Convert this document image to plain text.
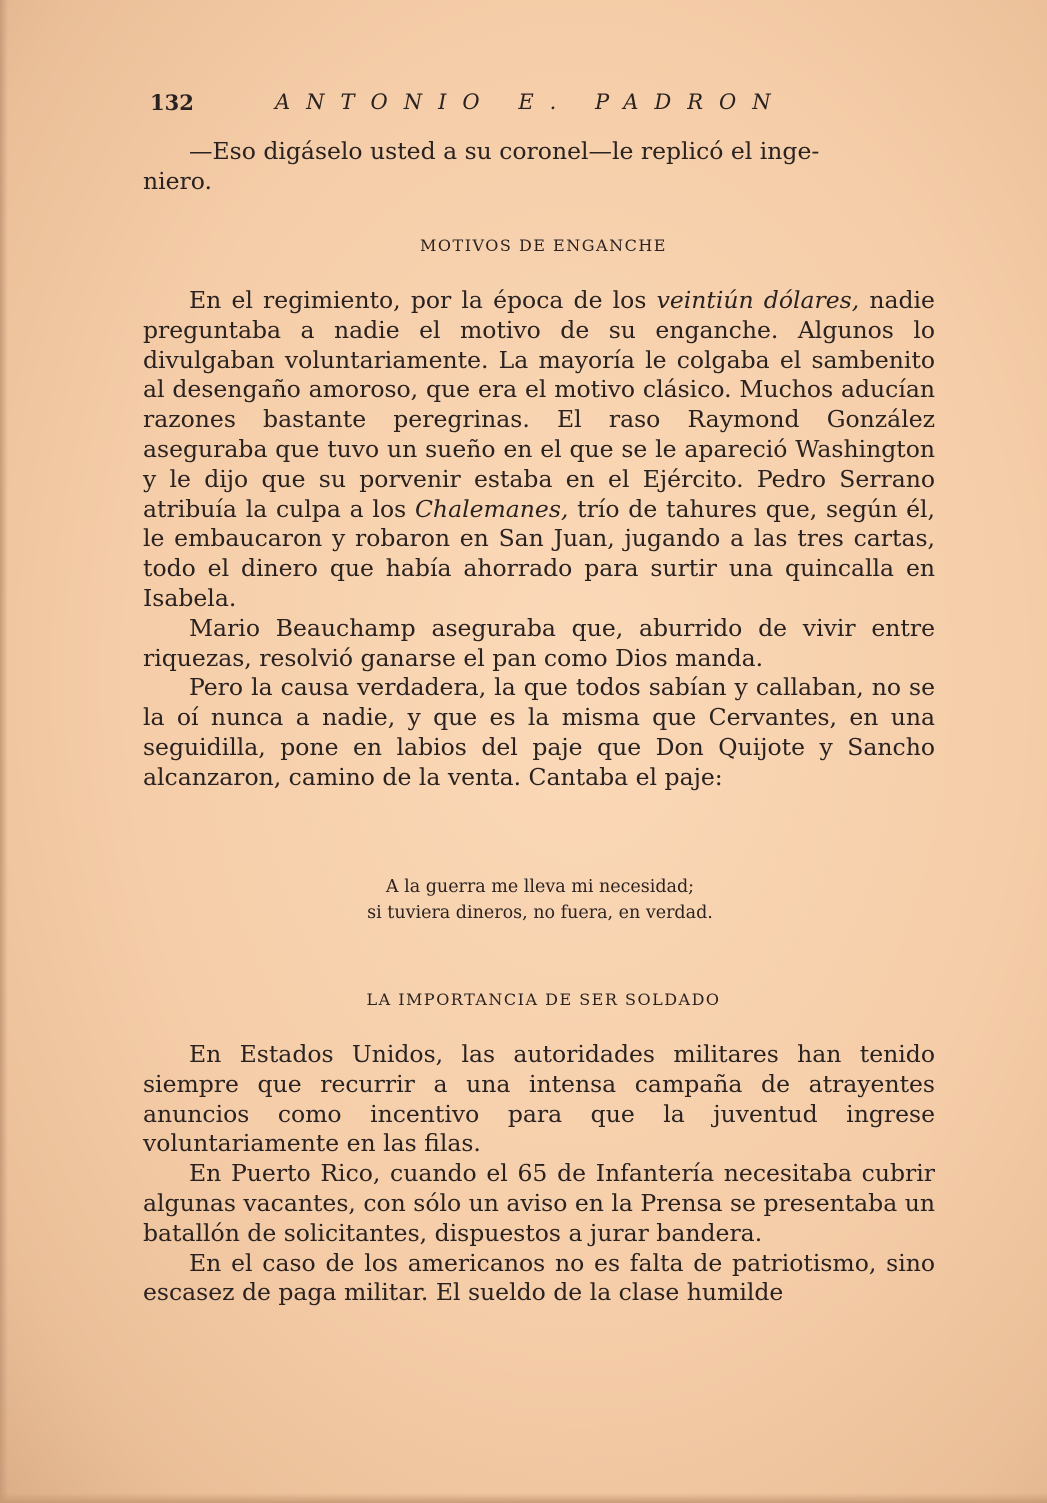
132	ANTONIO E. PADRON

—Eso digáselo usted a su coronel—le replicó el inge-

niero.

MOTIVOS DE ENGANCHE

En el regimiento, por la época de los veintiún dólares, nadie preguntaba a nadie el motivo de su enganche. Algunos lo divulgaban voluntariamente. La mayoría le colgaba el sambenito al desengaño amoroso, que era el motivo clásico. Muchos aducían razones bastante peregrinas. El raso Raymond González aseguraba que tuvo un sueño en el que se le apareció Washington y le dijo que su porvenir estaba en el Ejército. Pedro Serrano atribuía la culpa a los Chalemanes, trío de tahures que, según él, le embaucaron y robaron en San Juan, jugando a las tres cartas, todo el dinero que había ahorrado para surtir una quincalla en Isabela.

Mario Beauchamp aseguraba que, aburrido de vivir entre riquezas, resolvió ganarse el pan como Dios manda.

Pero la causa verdadera, la que todos sabían y callaban, no se la oí nunca a nadie, y que es la misma que Cervantes, en una seguidilla, pone en labios del paje que Don Quijote y Sancho alcanzaron, camino de la venta. Cantaba el paje:

A la guerra me lleva mi necesidad;
si tuviera dineros, no fuera, en verdad.
LA IMPORTANCIA DE SER SOLDADO

En Estados Unidos, las autoridades militares han tenido siempre que recurrir a una intensa campaña de atrayentes anuncios como incentivo para que la juventud ingrese voluntariamente en las filas.

En Puerto Rico, cuando el 65 de Infantería necesitaba cubrir algunas vacantes, con sólo un aviso en la Prensa se presentaba un batallón de solicitantes, dispuestos a jurar bandera.

En el caso de los americanos no es falta de patriotismo, sino escasez de paga militar. El sueldo de la clase humilde
